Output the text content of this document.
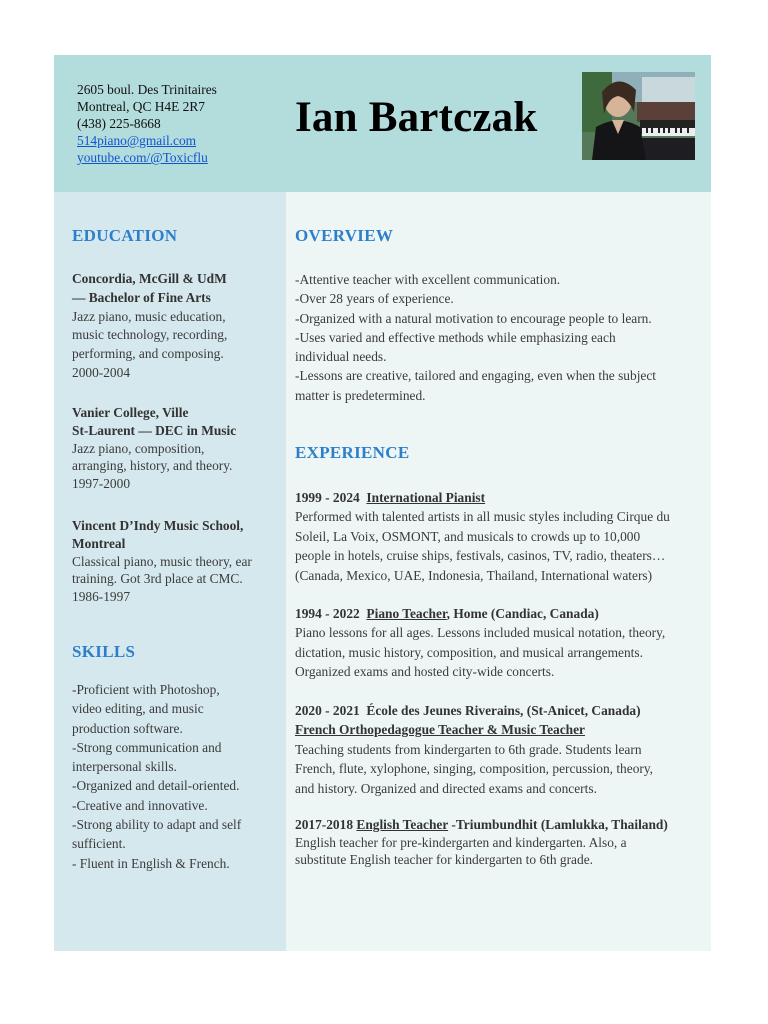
2605 boul. Des Trinitaires
Montreal, QC H4E 2R7
(438) 225-8668
514piano@gmail.com
youtube.com/@Toxicflu
Ian Bartczak
EDUCATION
Concordia, McGill & UdM
— Bachelor of Fine Arts
Jazz piano, music education,
music technology, recording,
performing, and composing.
2000-2004
Vanier College, Ville
St-Laurent — DEC in Music
Jazz piano, composition,
arranging, history, and theory.
1997-2000
Vincent D’Indy Music School,
Montreal
Classical piano, music theory, ear
training. Got 3rd place at CMC.
1986-1997
SKILLS
-Proficient with Photoshop,
video editing, and music
production software.
-Strong communication and
interpersonal skills.
-Organized and detail-oriented.
-Creative and innovative.
-Strong ability to adapt and self
sufficient.
- Fluent in English & French.
OVERVIEW
-Attentive teacher with excellent communication.
-Over 28 years of experience.
-Organized with a natural motivation to encourage people to learn.
-Uses varied and effective methods while emphasizing each
individual needs.
-Lessons are creative, tailored and engaging, even when the subject
matter is predetermined.
EXPERIENCE
1999 - 2024 International Pianist
Performed with talented artists in all music styles including Cirque du
Soleil, La Voix, OSMONT, and musicals to crowds up to 10,000
people in hotels, cruise ships, festivals, casinos, TV, radio, theaters…
(Canada, Mexico, UAE, Indonesia, Thailand, International waters)
1994 - 2022 Piano Teacher, Home (Candiac, Canada)
Piano lessons for all ages. Lessons included musical notation, theory,
dictation, music history, composition, and musical arrangements.
Organized exams and hosted city-wide concerts.
2020 - 2021 École des Jeunes Riverains, (St-Anicet, Canada)
French Orthopedagogue Teacher & Music Teacher
Teaching students from kindergarten to 6th grade. Students learn
French, flute, xylophone, singing, composition, percussion, theory,
and history. Organized and directed exams and concerts.
2017-2018 English Teacher -Triumbundhit (Lamlukka, Thailand)
English teacher for pre-kindergarten and kindergarten. Also, a
substitute English teacher for kindergarten to 6th grade.
